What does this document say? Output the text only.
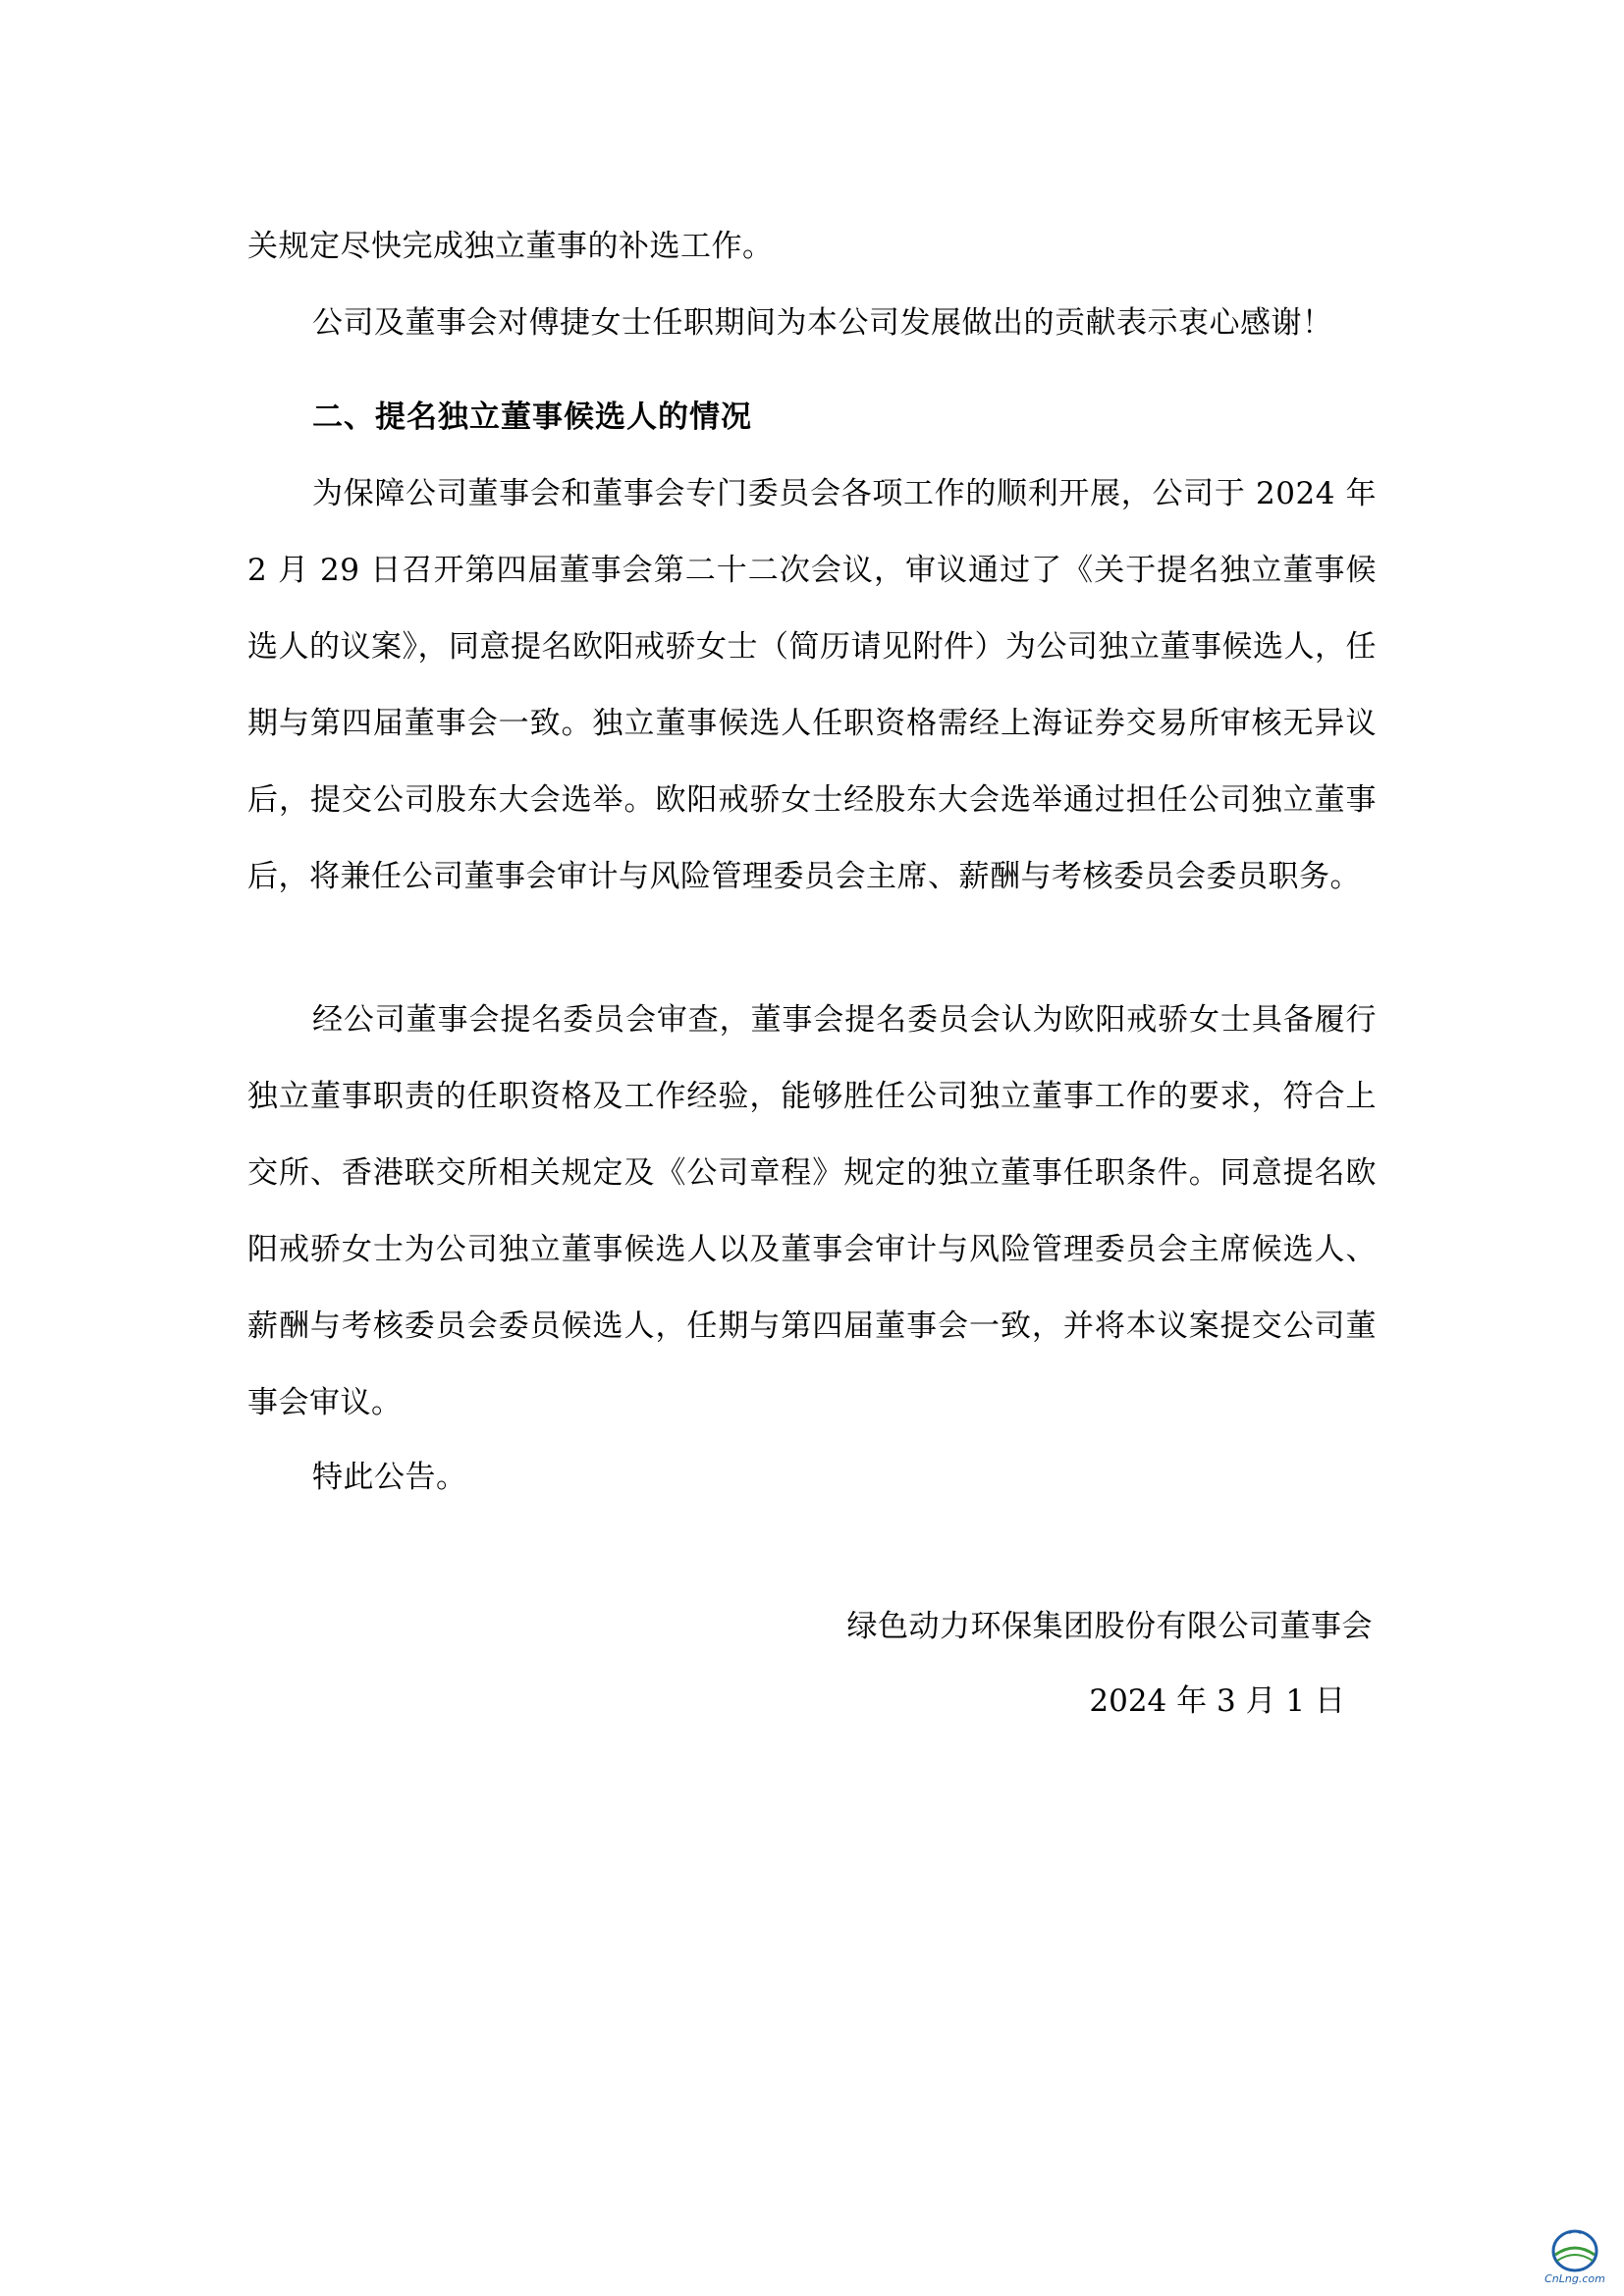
关规定尽快完成独立董事的补选工作。

公司及董事会对傅捷女士任职期间为本公司发展做出的贡献表示衷心感谢！

二、提名独立董事候选人的情况

为保障公司董事会和董事会专门委员会各项工作的顺利开展，公司于 2024 年 2 月 29 日召开第四届董事会第二十二次会议，审议通过了《关于提名独立董事候选人的议案》，同意提名欧阳戒骄女士（简历请见附件）为公司独立董事候选人，任期与第四届董事会一致。独立董事候选人任职资格需经上海证券交易所审核无异议后，提交公司股东大会选举。欧阳戒骄女士经股东大会选举通过担任公司独立董事后，将兼任公司董事会审计与风险管理委员会主席、薪酬与考核委员会委员职务。

经公司董事会提名委员会审查，董事会提名委员会认为欧阳戒骄女士具备履行独立董事职责的任职资格及工作经验，能够胜任公司独立董事工作的要求，符合上交所、香港联交所相关规定及《公司章程》规定的独立董事任职条件。同意提名欧阳戒骄女士为公司独立董事候选人以及董事会审计与风险管理委员会主席候选人、薪酬与考核委员会委员候选人，任期与第四届董事会一致，并将本议案提交公司董事会审议。

特此公告。

绿色动力环保集团股份有限公司董事会

2024 年 3 月 1 日

CnLng.com
